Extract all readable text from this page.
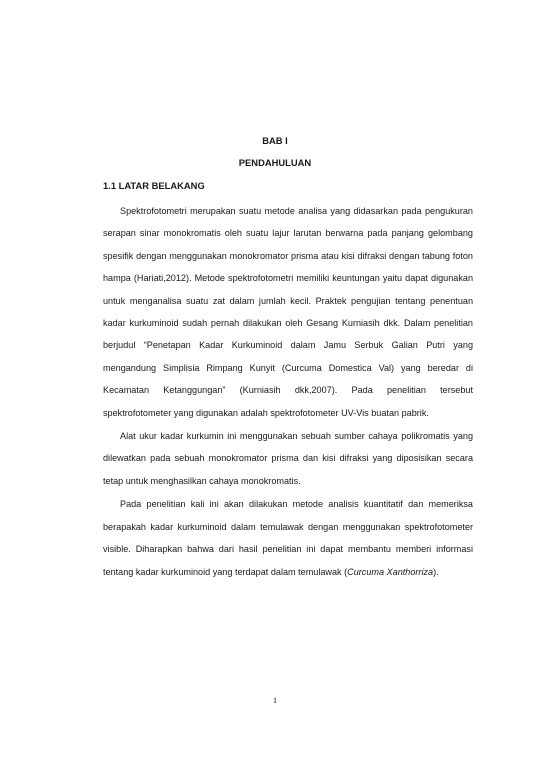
BAB I
PENDAHULUAN
1.1 LATAR BELAKANG

Spektrofotometri merupakan suatu metode analisa yang didasarkan pada pengukuran serapan sinar monokromatis oleh suatu lajur larutan berwarna pada panjang gelombang spesifik dengan menggunakan monokromator prisma atau kisi difraksi dengan tabung foton hampa (Hariati,2012). Metode spektrofotometri memiliki keuntungan yaitu dapat digunakan untuk menganalisa suatu zat dalam jumlah kecil. Praktek pengujian tentang penentuan kadar kurkuminoid sudah pernah dilakukan oleh Gesang Kurniasih dkk. Dalam penelitian berjudul “Penetapan Kadar Kurkuminoid dalam Jamu Serbuk Galian Putri yang mengandung Simplisia Rimpang Kunyit (Curcuma Domestica Val) yang beredar di Kecamatan Ketanggungan” (Kurniasih dkk,2007). Pada penelitian tersebut spektrofotometer yang digunakan adalah spektrofotometer UV-Vis buatan pabrik.

Alat ukur kadar kurkumin ini menggunakan sebuah sumber cahaya polikromatis yang dilewatkan pada sebuah monokromator prisma dan kisi difraksi yang diposisikan secara tetap untuk menghasilkan cahaya monokromatis.

Pada penelitian kali ini akan dilakukan metode analisis kuantitatif dan memeriksa berapakah kadar kurkuminoid dalam temulawak dengan menggunakan spektrofotometer visible. Diharapkan bahwa dari hasil penelitian ini dapat membantu memberi informasi tentang kadar kurkuminoid yang terdapat dalam temulawak (Curcuma Xanthorriza).

1
